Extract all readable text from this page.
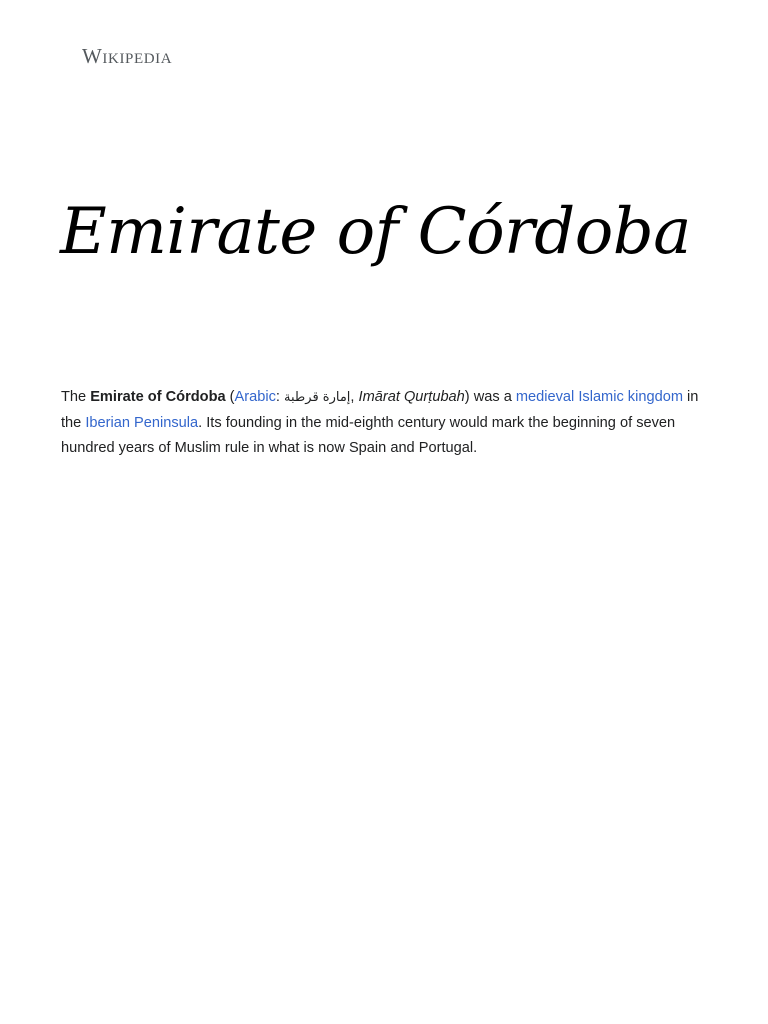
Wikipedia
Emirate of Córdoba

The Emirate of Córdoba (Arabic: إمارة قرطبة, Imārat Qurṭubah) was a medieval Islamic kingdom in the Iberian Peninsula. Its founding in the mid-eighth century would mark the beginning of seven hundred years of Muslim rule in what is now Spain and Portugal.
